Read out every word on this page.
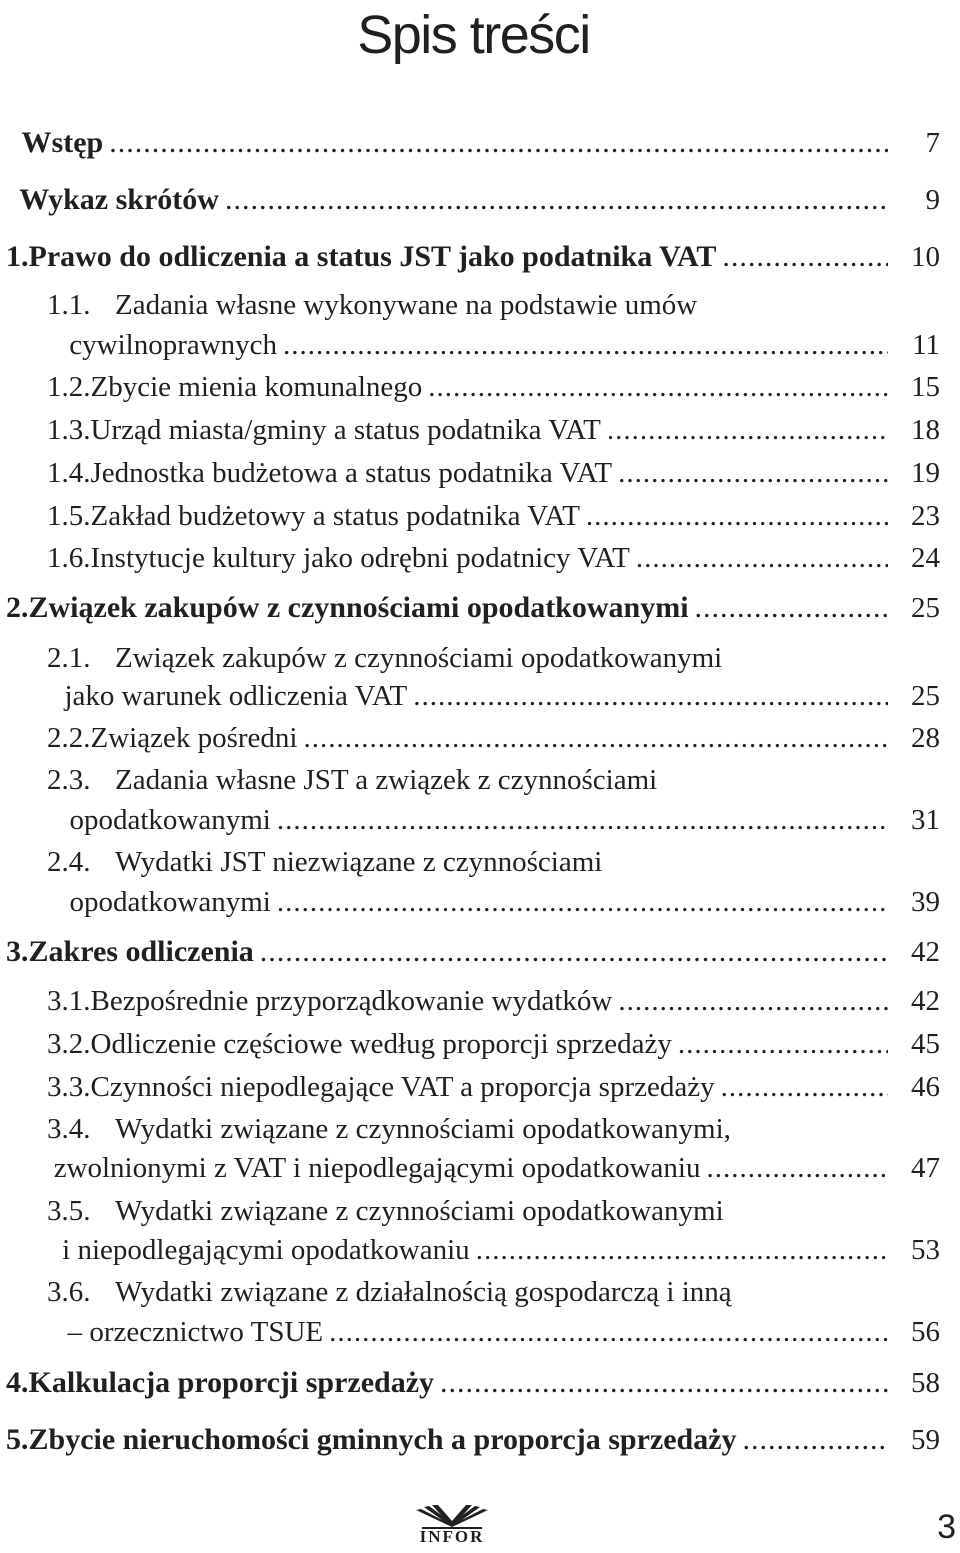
Spis treści
Wstęp .....	7
Wykaz skrótów .....	9
1. Prawo do odliczenia a status JST jako podatnika VAT .....	10
1.1. Zadania własne wykonywane na podstawie umów
cywilnoprawnych .....	11
1.2. Zbycie mienia komunalnego .....	15
1.3. Urząd miasta/gminy a status podatnika VAT .....	18
1.4. Jednostka budżetowa a status podatnika VAT .....	19
1.5. Zakład budżetowy a status podatnika VAT .....	23
1.6. Instytucje kultury jako odrębni podatnicy VAT .....	24
2. Związek zakupów z czynnościami opodatkowanymi .....	25
2.1. Związek zakupów z czynnościami opodatkowanymi
jako warunek odliczenia VAT .....	25
2.2. Związek pośredni .....	28
2.3. Zadania własne JST a związek z czynnościami
opodatkowanymi .....	31
2.4. Wydatki JST niezwiązane z czynnościami
opodatkowanymi .....	39
3. Zakres odliczenia .....	42
3.1. Bezpośrednie przyporządkowanie wydatków .....	42
3.2. Odliczenie częściowe według proporcji sprzedaży .....	45
3.3. Czynności niepodlegające VAT a proporcja sprzedaży .....	46
3.4. Wydatki związane z czynnościami opodatkowanymi,
zwolnionymi z VAT i niepodlegającymi opodatkowaniu .....	47
3.5. Wydatki związane z czynnościami opodatkowanymi
i niepodlegającymi opodatkowaniu .....	53
3.6. Wydatki związane z działalnością gospodarczą i inną
– orzecznictwo TSUE .....	56
4. Kalkulacja proporcji sprzedaży .....	58
5. Zbycie nieruchomości gminnych a proporcja sprzedaży .....	59
INFOR	3
